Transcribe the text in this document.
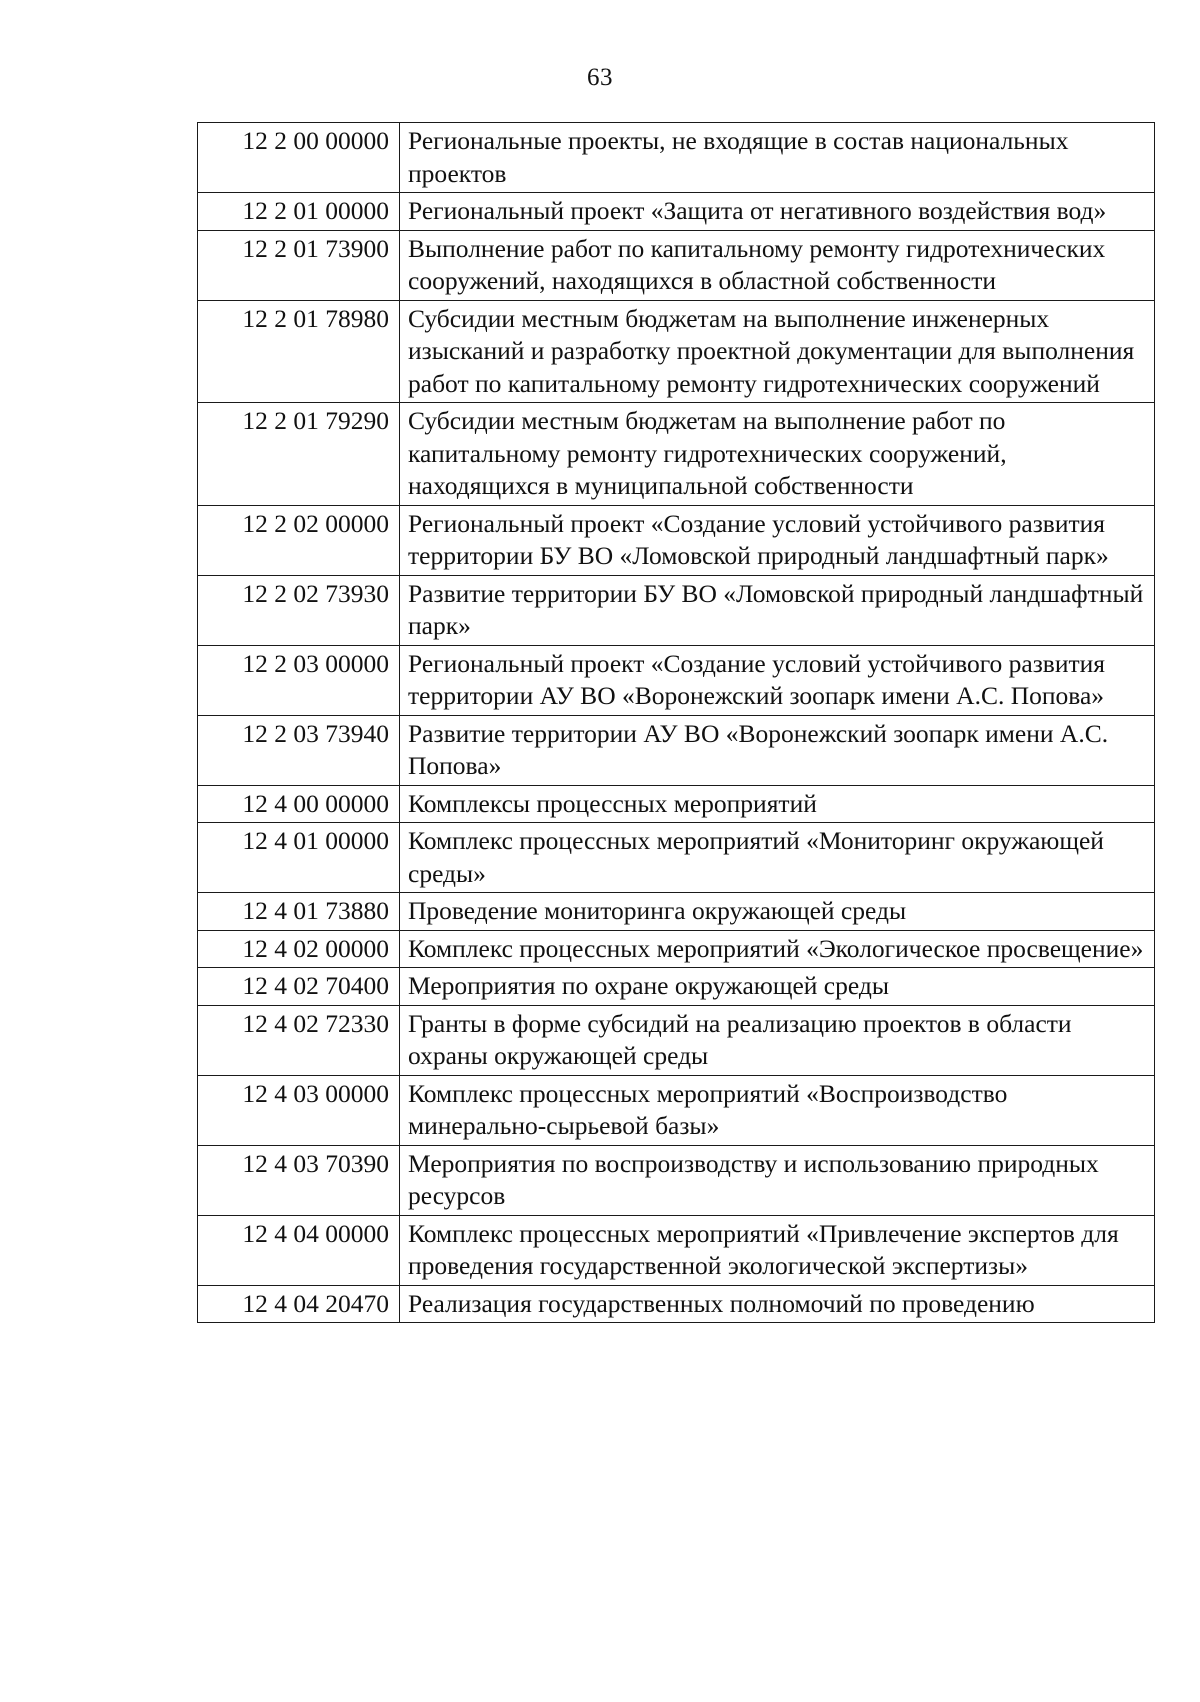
63
12 2 00 00000	Региональные проекты, не входящие в состав национальных проектов
12 2 01 00000	Региональный проект «Защита от негативного воздействия вод»
12 2 01 73900	Выполнение работ по капитальному ремонту гидротехнических сооружений, находящихся в областной собственности
12 2 01 78980	Субсидии местным бюджетам на выполнение инженерных изысканий и разработку проектной документации для выполнения работ по капитальному ремонту гидротехнических сооружений
12 2 01 79290	Субсидии местным бюджетам на выполнение работ по капитальному ремонту гидротехнических сооружений, находящихся в муниципальной собственности
12 2 02 00000	Региональный проект «Создание условий устойчивого развития территории БУ ВО «Ломовской природный ландшафтный парк»
12 2 02 73930	Развитие территории БУ ВО «Ломовской природный ландшафтный парк»
12 2 03 00000	Региональный проект «Создание условий устойчивого развития территории АУ ВО «Воронежский зоопарк имени А.С. Попова»
12 2 03 73940	Развитие территории АУ ВО «Воронежский зоопарк имени А.С. Попова»
12 4 00 00000	Комплексы процессных мероприятий
12 4 01 00000	Комплекс процессных мероприятий «Мониторинг окружающей среды»
12 4 01 73880	Проведение мониторинга окружающей среды
12 4 02 00000	Комплекс процессных мероприятий «Экологическое просвещение»
12 4 02 70400	Мероприятия по охране окружающей среды
12 4 02 72330	Гранты в форме субсидий на реализацию проектов в области охраны окружающей среды
12 4 03 00000	Комплекс процессных мероприятий «Воспроизводство минерально-сырьевой базы»
12 4 03 70390	Мероприятия по воспроизводству и использованию природных ресурсов
12 4 04 00000	Комплекс процессных мероприятий «Привлечение экспертов для проведения государственной экологической экспертизы»
12 4 04 20470	Реализация государственных полномочий по проведению
